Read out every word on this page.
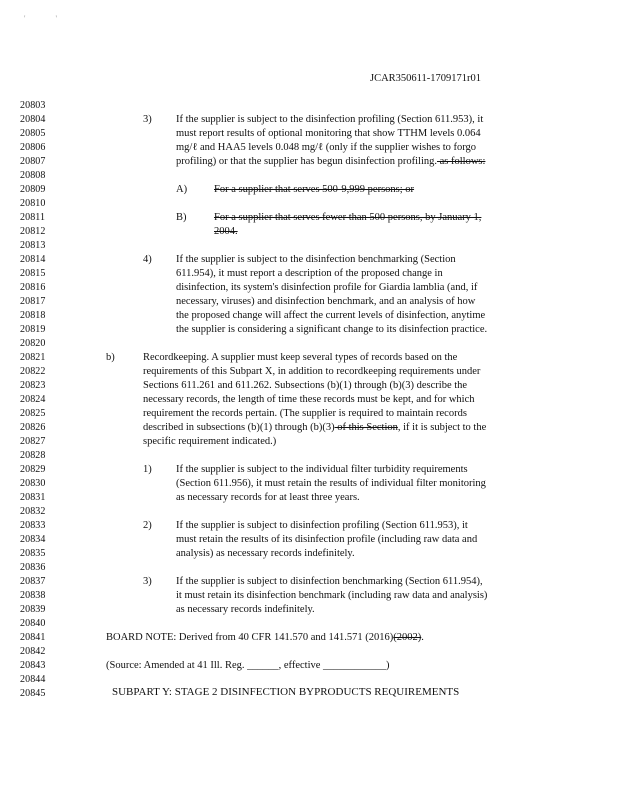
' '
JCAR350611-1709171r01
20803
20804
20805
20806
20807
20808
20809
20810
20811
20812
20813
20814
20815
20816
20817
20818
20819
20820
20821
20822
20823
20824
20825
20826
20827
20828
20829
20830
20831
20832
20833
20834
20835
20836
20837
20838
20839
20840
20841
20842
20843
20844
20845
3) If the supplier is subject to the disinfection profiling (Section 611.953), it
must report results of optional monitoring that show TTHM levels 0.064
mg/ℓ and HAA5 levels 0.048 mg/ℓ (only if the supplier wishes to forgo
profiling) or that the supplier has begun disinfection profiling. as follows:
A)	For a supplier that serves 500-9,999 persons; or
B)	For a supplier that serves fewer than 500 persons, by January 1,
2004.
4) If the supplier is subject to the disinfection benchmarking (Section
611.954), it must report a description of the proposed change in
disinfection, its system's disinfection profile for Giardia lamblia (and, if
necessary, viruses) and disinfection benchmark, and an analysis of how
the proposed change will affect the current levels of disinfection, anytime
the supplier is considering a significant change to its disinfection practice.
b)	Recordkeeping. A supplier must keep several types of records based on the
requirements of this Subpart X, in addition to recordkeeping requirements under
Sections 611.261 and 611.262. Subsections (b)(1) through (b)(3) describe the
necessary records, the length of time these records must be kept, and for which
requirement the records pertain. (The supplier is required to maintain records
described in subsections (b)(1) through (b)(3) of this Section, if it is subject to the
specific requirement indicated.)
1) If the supplier is subject to the individual filter turbidity requirements
(Section 611.956), it must retain the results of individual filter monitoring
as necessary records for at least three years.
2) If the supplier is subject to disinfection profiling (Section 611.953), it
must retain the results of its disinfection profile (including raw data and
analysis) as necessary records indefinitely.
3) If the supplier is subject to disinfection benchmarking (Section 611.954),
it must retain its disinfection benchmark (including raw data and analysis)
as necessary records indefinitely.
BOARD NOTE: Derived from 40 CFR 141.570 and 141.571 (2016)(2002).
(Source: Amended at 41 Ill. Reg. ______, effective ____________)
SUBPART Y: STAGE 2 DISINFECTION BYPRODUCTS REQUIREMENTS
